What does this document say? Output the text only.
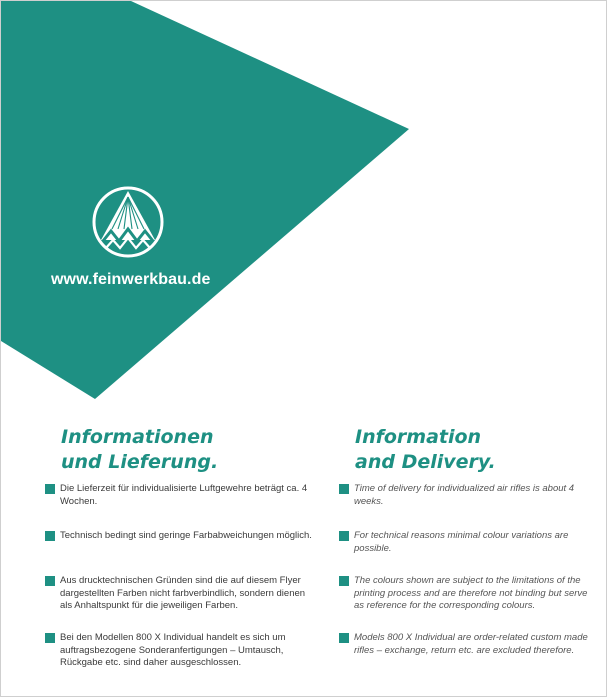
www.feinwerkbau.de
Informationen
und Lieferung.
Information
and Delivery.
Die Lieferzeit für individualisierte Luftgewehre beträgt ca. 4 Wochen.
Technisch bedingt sind geringe Farbabweichungen möglich.
Aus drucktechnischen Gründen sind die auf diesem Flyer dargestellten Farben nicht farbverbindlich, sondern dienen als Anhaltspunkt für die jeweiligen Farben.
Bei den Modellen 800 X Individual handelt es sich um auftragsbezogene Sonderanfertigungen – Umtausch, Rückgabe etc. sind daher ausgeschlossen.
Time of delivery for individualized air rifles is about 4 weeks.
For technical reasons minimal colour variations are possible.
The colours shown are subject to the limitations of the printing process and are therefore not binding but serve as reference for the corresponding colours.
Models 800 X Individual are order-related custom made rifles – exchange, return etc. are excluded therefore.
